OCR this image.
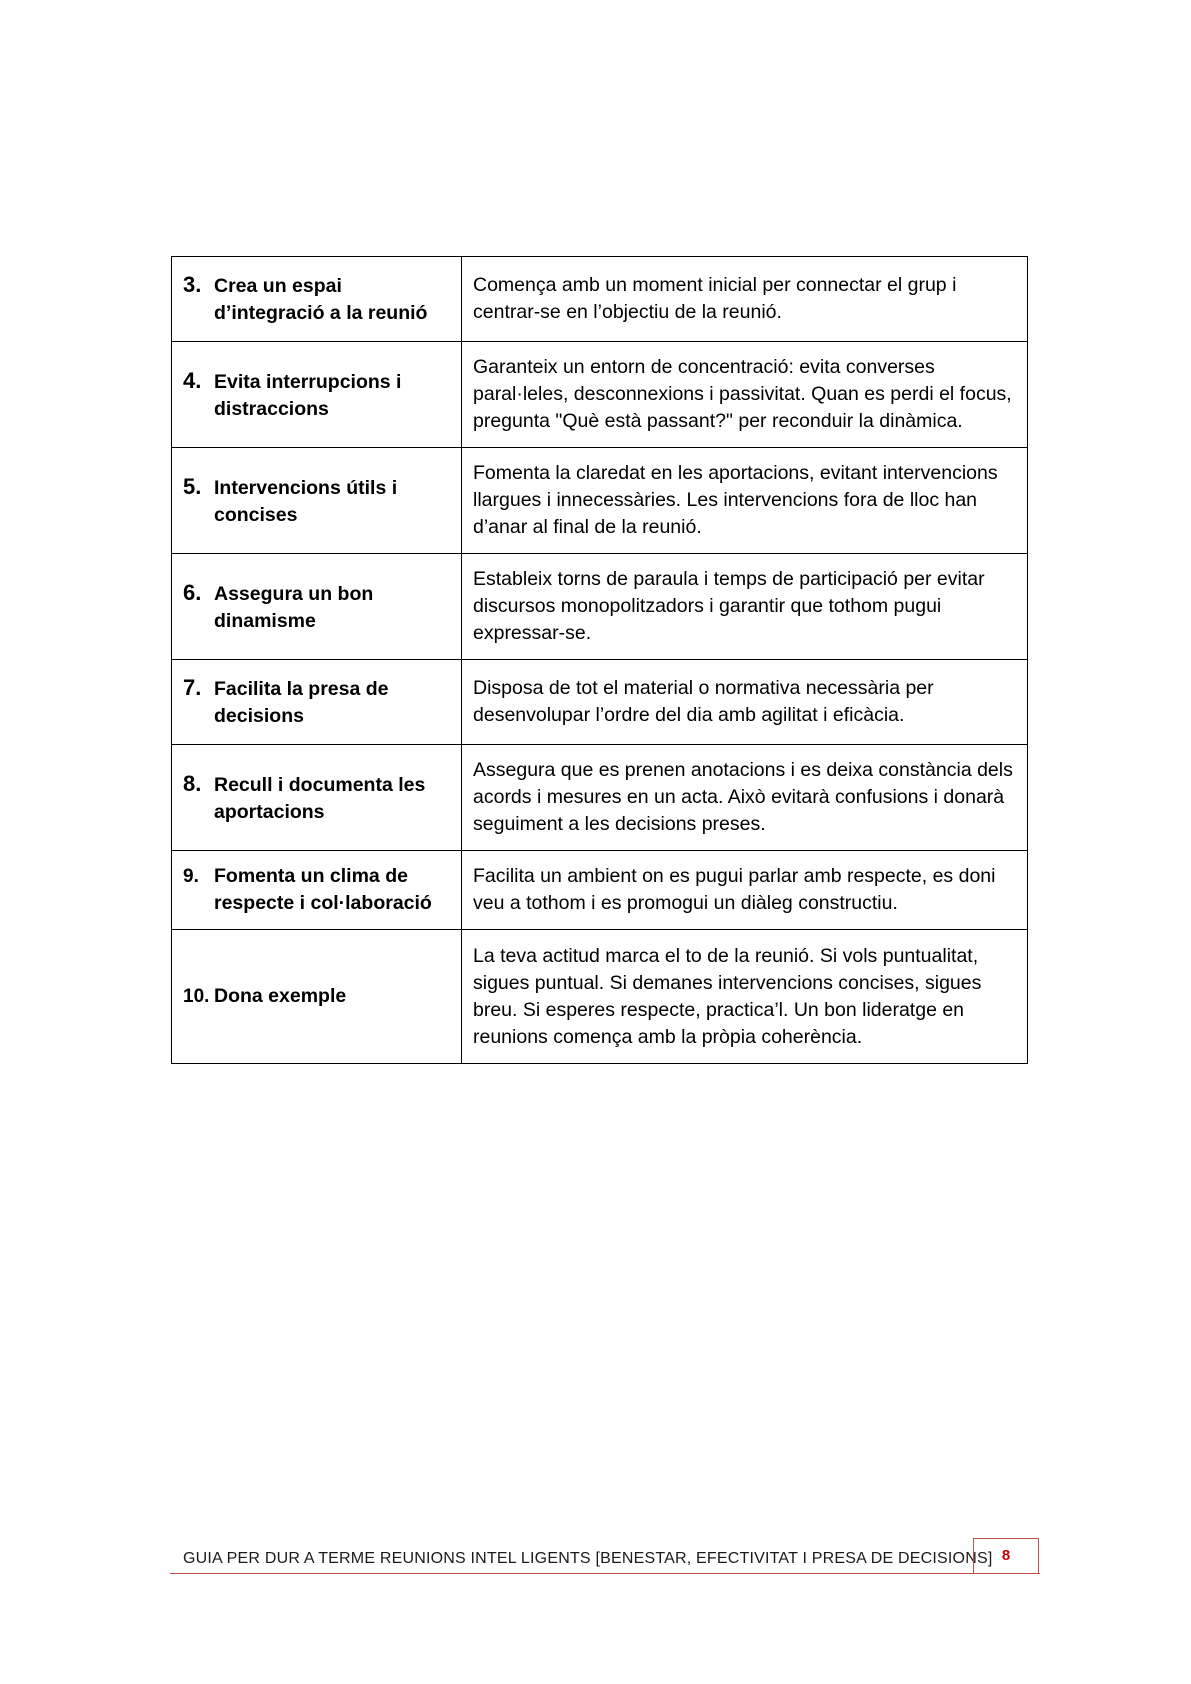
3. Crea un espai d’integració a la reunió	Comença amb un moment inicial per connectar el grup i centrar-se en l’objectiu de la reunió.

4. Evita interrupcions i distraccions	Garanteix un entorn de concentració: evita converses paral·leles, desconnexions i passivitat. Quan es perdi el focus, pregunta "Què està passant?" per reconduir la dinàmica.

5. Intervencions útils i concises	Fomenta la claredat en les aportacions, evitant intervencions llargues i innecessàries. Les intervencions fora de lloc han d’anar al final de la reunió.

6. Assegura un bon dinamisme	Estableix torns de paraula i temps de participació per evitar discursos monopolitzadors i garantir que tothom pugui expressar-se.

7. Facilita la presa de decisions	Disposa de tot el material o normativa necessària per desenvolupar l’ordre del dia amb agilitat i eficàcia.

8. Recull i documenta les aportacions	Assegura que es prenen anotacions i es deixa constància dels acords i mesures en un acta. Això evitarà confusions i donarà seguiment a les decisions preses.

9. Fomenta un clima de respecte i col·laboració	Facilita un ambient on es pugui parlar amb respecte, es doni veu a tothom i es promogui un diàleg constructiu.

10. Dona exemple	La teva actitud marca el to de la reunió. Si vols puntualitat, sigues puntual. Si demanes intervencions concises, sigues breu. Si esperes respecte, practica’l. Un bon lideratge en reunions comença amb la pròpia coherència.
GUIA PER DUR A TERME REUNIONS INTEL LIGENTS [BENESTAR, EFECTIVITAT I PRESA DE DECISIONS] 8
